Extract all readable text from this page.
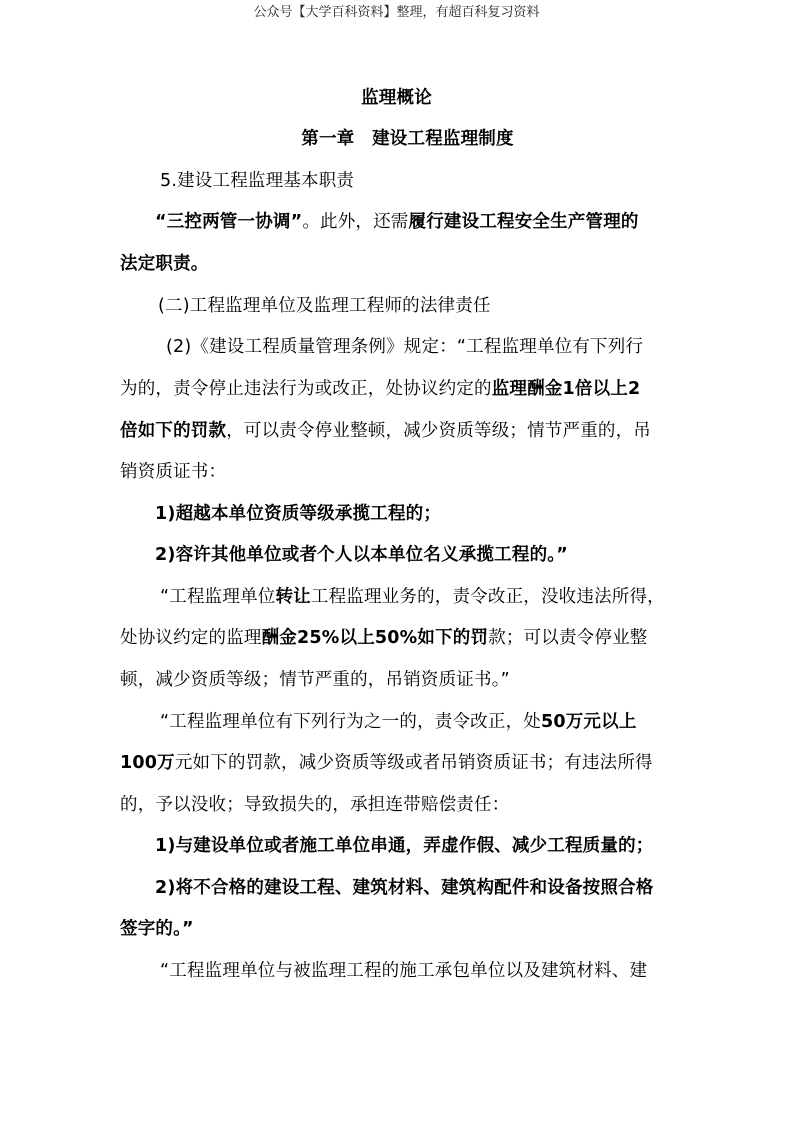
公众号【大学百科资料】整理，有超百科复习资料
监理概论
第一章　建设工程监理制度
5.建设工程监理基本职责
“三控两管一协调”。此外，还需履行建设工程安全生产管理的
法定职责。
(二)工程监理单位及监理工程师的法律责任
(2)《建设工程质量管理条例》规定：“工程监理单位有下列行
为的，责令停止违法行为或改正，处协议约定的监理酬金1倍以上2
倍如下的罚款，可以责令停业整顿，减少资质等级；情节严重的，吊
销资质证书：
1)超越本单位资质等级承揽工程的；
2)容许其他单位或者个人以本单位名义承揽工程的。”
“工程监理单位转让工程监理业务的，责令改正，没收违法所得，
处协议约定的监理酬金25%以上50%如下的罚款；可以责令停业整
顿，减少资质等级；情节严重的，吊销资质证书。”
“工程监理单位有下列行为之一的，责令改正，处50万元以上
100万元如下的罚款，减少资质等级或者吊销资质证书；有违法所得
的，予以没收；导致损失的，承担连带赔偿责任：
1)与建设单位或者施工单位串通，弄虚作假、减少工程质量的；
2)将不合格的建设工程、建筑材料、建筑构配件和设备按照合格
签字的。”
“工程监理单位与被监理工程的施工承包单位以及建筑材料、建
